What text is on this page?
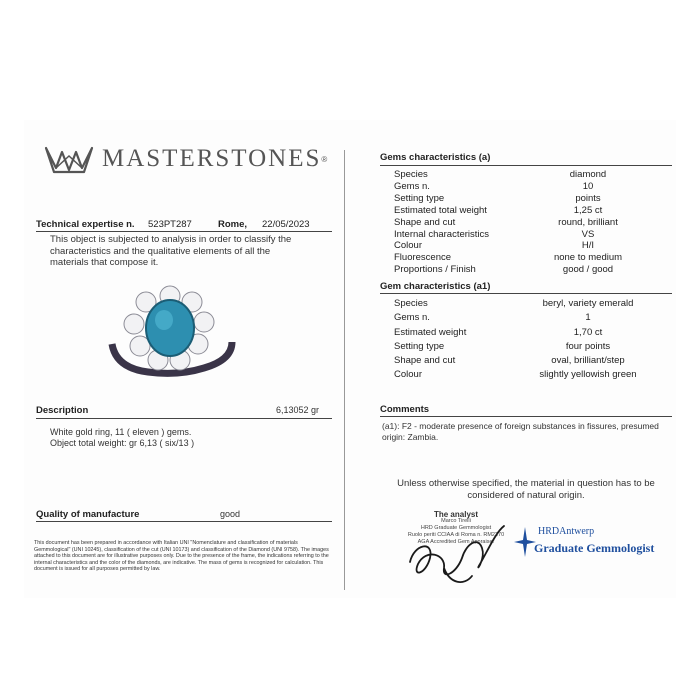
MASTERSTONES ®
Technical expertise n. 523PT287	Rome, 22/05/2023
This object is subjected to analysis in order to classify the characteristics and the qualitative elements of all the materials that compose it.
Description	6,13052 gr
White gold ring, 11 ( eleven ) gems.
Object total weight: gr 6,13 ( six/13 )
Quality of manufacture	good
This document has been prepared in accordance with Italian UNI "Nomenclature and classification of materials Gemmological" (UNI 10245), classification of the cut (UNI 10173) and classification of the Diamond (UNI 9758). The images attached to this document are for illustrative purposes only. Due to the presence of the frame, the indications referring to the internal characteristics and the color of the diamonds, are indicative. The mass of gems is recognized for calculation. This document is issued for all purposes permitted by law.
Gems characteristics (a)
Species	diamond
Gems n.	10
Setting type	points
Estimated total weight	1,25 ct
Shape and cut	round, brilliant
Internal characteristics	VS
Colour	H/I
Fluorescence	none to medium
Proportions / Finish	good / good
Gem characteristics (a1)
Species	beryl, variety emerald
Gems n.	1
Estimated weight	1,70 ct
Setting type	four points
Shape and cut	oval, brilliant/step
Colour	slightly yellowish green
Comments
(a1): F2 - moderate presence of foreign substances in fissures, presumed origin: Zambia.
Unless otherwise specified, the material in question has to be considered of natural origin.
The analyst
Marco Tirelli
HRD Graduate Gemmologist
Ruolo periti CCIAA di Roma n. RM2270
AGA Accredited Gem Appraiser
HRDAntwerp
Graduate Gemmologist
